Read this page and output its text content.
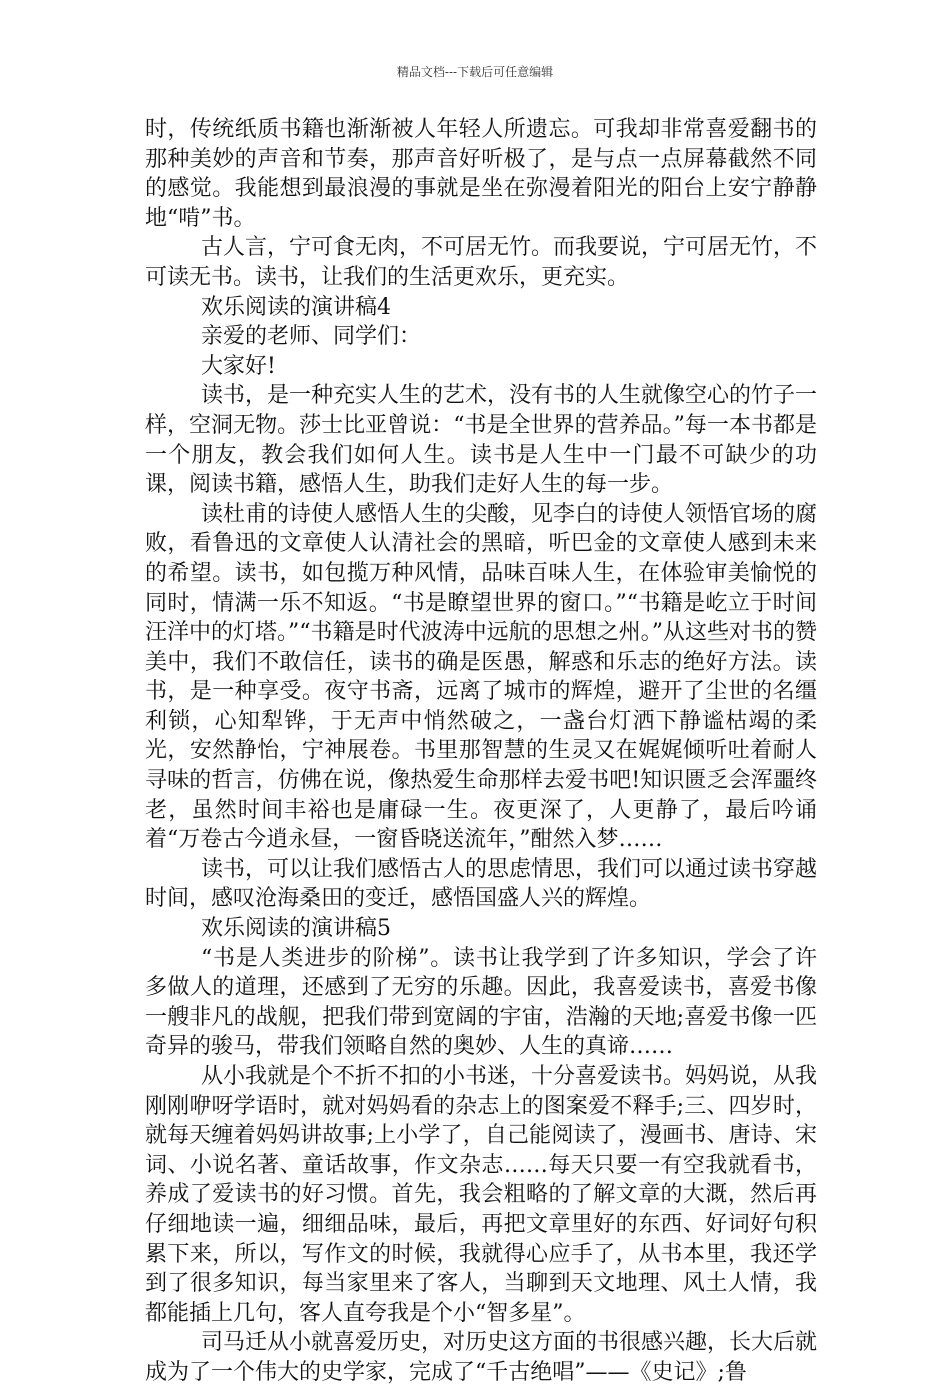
精品文档---下载后可任意编辑

时，传统纸质书籍也渐渐被人年轻人所遗忘。可我却非常喜爱翻书的那种美妙的声音和节奏，那声音好听极了，是与点一点屏幕截然不同的感觉。我能想到最浪漫的事就是坐在弥漫着阳光的阳台上安宁静静地“啃”书。

古人言，宁可食无肉，不可居无竹。而我要说，宁可居无竹，不可读无书。读书，让我们的生活更欢乐，更充实。

欢乐阅读的演讲稿4

亲爱的老师、同学们：

大家好!

读书，是一种充实人生的艺术，没有书的人生就像空心的竹子一样，空洞无物。莎士比亚曾说：“书是全世界的营养品。”每一本书都是一个朋友，教会我们如何人生。读书是人生中一门最不可缺少的功课，阅读书籍，感悟人生，助我们走好人生的每一步。

读杜甫的诗使人感悟人生的尖酸，见李白的诗使人领悟官场的腐败，看鲁迅的文章使人认清社会的黑暗，听巴金的文章使人感到未来的希望。读书，如包揽万种风情，品味百味人生，在体验审美愉悦的同时，情满一乐不知返。“书是瞭望世界的窗口。”“书籍是屹立于时间汪洋中的灯塔。”“书籍是时代波涛中远航的思想之州。”从这些对书的赞美中，我们不敢信任，读书的确是医愚，解惑和乐志的绝好方法。读书，是一种享受。夜守书斋，远离了城市的辉煌，避开了尘世的名缰利锁，心知犁铧，于无声中悄然破之，一盏台灯洒下静谧枯竭的柔光，安然静怡，宁神展卷。书里那智慧的生灵又在娓娓倾听吐着耐人寻味的哲言，仿佛在说，像热爱生命那样去爱书吧!知识匮乏会浑噩终老，虽然时间丰裕也是庸碌一生。夜更深了，人更静了，最后吟诵着“万卷古今逍永昼，一窗昏晓送流年，”酣然入梦……

读书，可以让我们感悟古人的思虑情思，我们可以通过读书穿越时间，感叹沧海桑田的变迁，感悟国盛人兴的辉煌。

欢乐阅读的演讲稿5

“书是人类进步的阶梯”。读书让我学到了许多知识，学会了许多做人的道理，还感到了无穷的乐趣。因此，我喜爱读书，喜爱书像一艘非凡的战舰，把我们带到宽阔的宇宙，浩瀚的天地;喜爱书像一匹奇异的骏马，带我们领略自然的奥妙、人生的真谛……

从小我就是个不折不扣的小书迷，十分喜爱读书。妈妈说，从我刚刚咿呀学语时，就对妈妈看的杂志上的图案爱不释手;三、四岁时，就每天缠着妈妈讲故事;上小学了，自己能阅读了，漫画书、唐诗、宋词、小说名著、童话故事，作文杂志……每天只要一有空我就看书，养成了爱读书的好习惯。首先，我会粗略的了解文章的大溉，然后再仔细地读一遍，细细品味，最后，再把文章里好的东西、好词好句积累下来，所以，写作文的时候，我就得心应手了，从书本里，我还学到了很多知识，每当家里来了客人，当聊到天文地理、风土人情，我都能插上几句，客人直夸我是个小“智多星”。

司马迁从小就喜爱历史，对历史这方面的书很感兴趣，长大后就成为了一个伟大的史学家，完成了“千古绝唱”——《史记》;鲁
